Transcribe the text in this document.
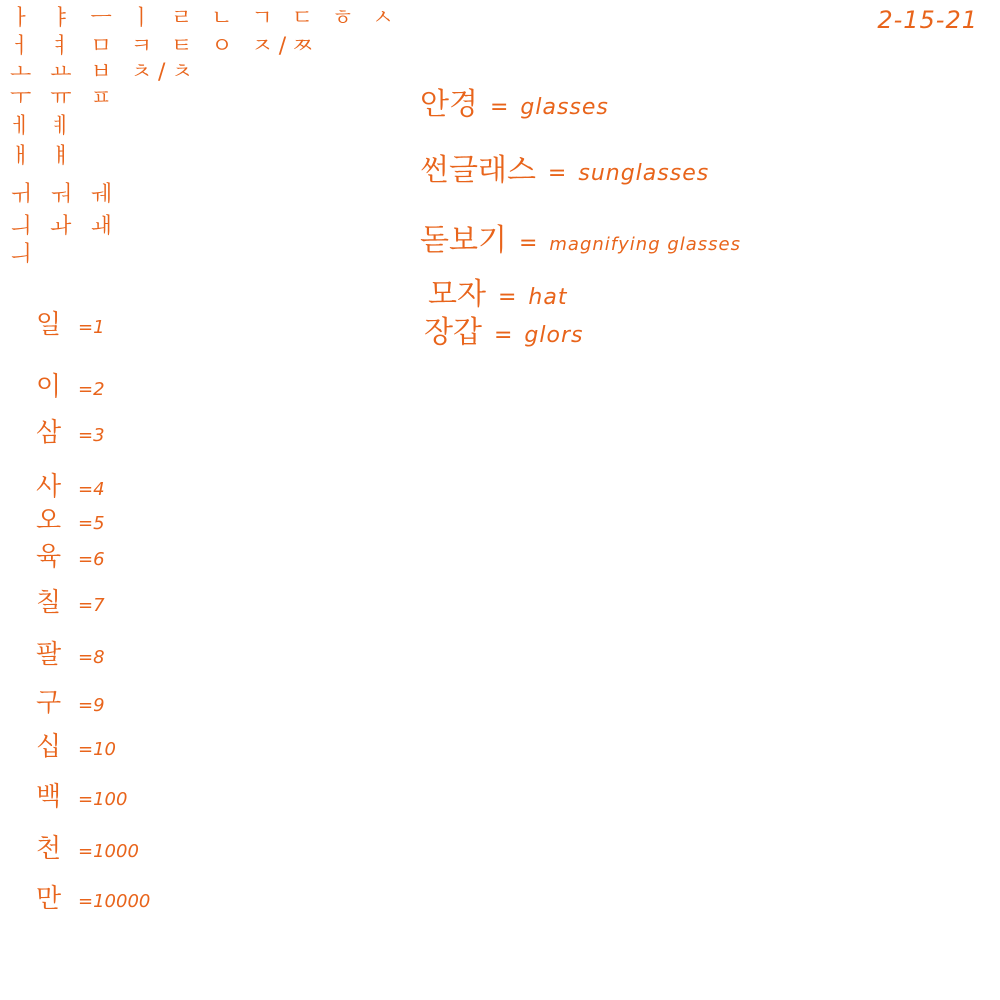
2-15-21
ㅏ ㅑ ㅡ ㅣ ㄹ ㄴ ㄱ ㄷ ㅎ ㅅ
ㅓ ㅕ ㅁ ㅋ ㅌ ㅇ ㅈ/ㅉ
ㅗ ㅛ ㅂ ㅊ/ㅊ
ㅜ ㅠ ㅍ
ㅔ ㅖ
ㅐ ㅒ
ㅟ ㅝ ㅞ
ㅢ ㅘ ㅙ
ㅢ
일 =1
이 =2
삼 =3
사 =4
오 =5
육 =6
칠 =7
팔 =8
구 =9
십 =10
백 =100
천 =1000
만 =10000
안경 = glasses
썬글래스 = sunglasses
돋보기 = magnifying glasses
모자 = hat
장갑 = glors
